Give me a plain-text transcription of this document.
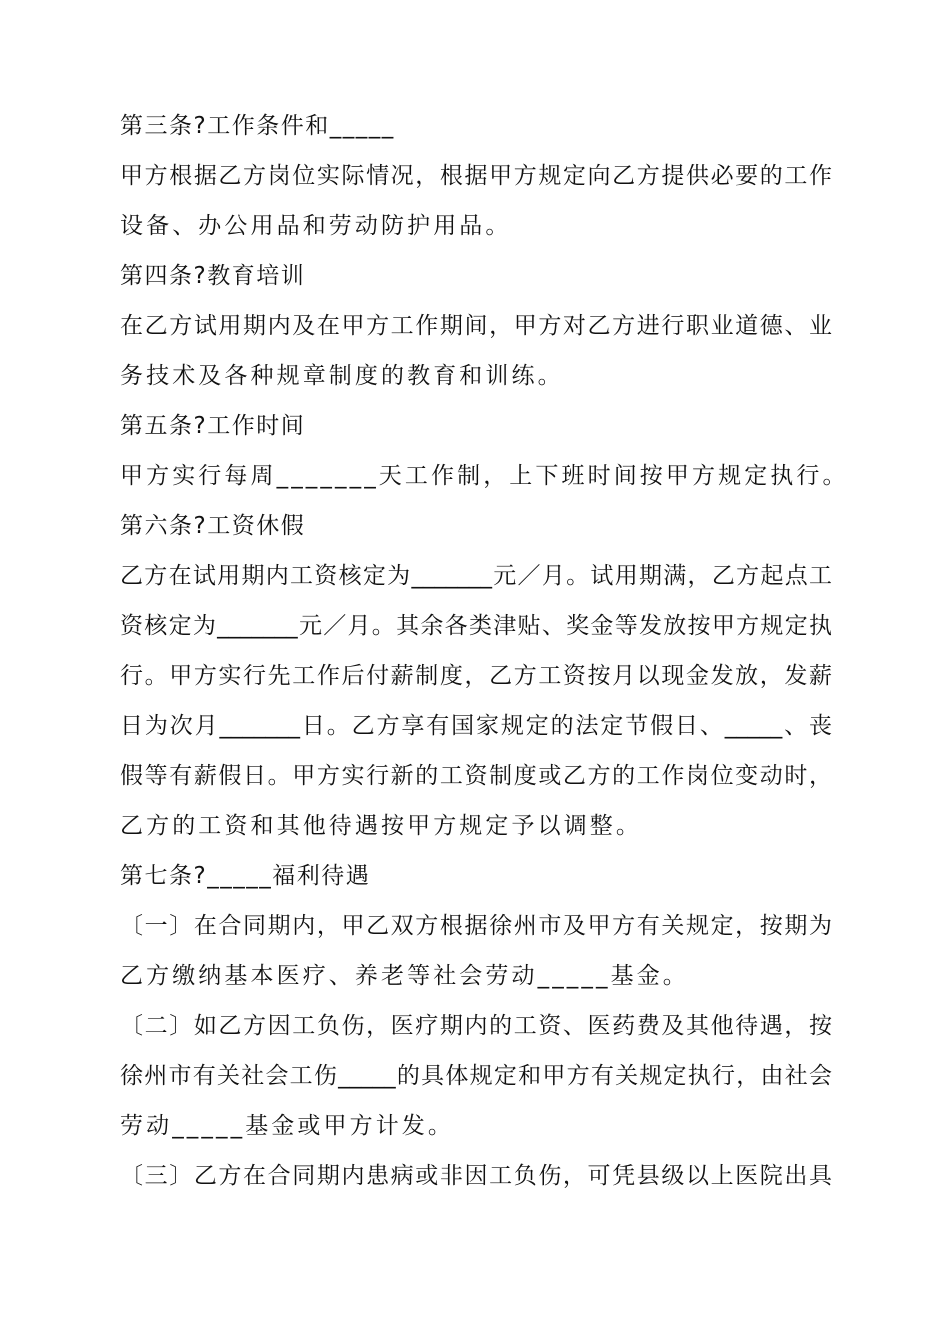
第三条?工作条件和_____
甲方根据乙方岗位实际情况，根据甲方规定向乙方提供必要的工作
设备、办公用品和劳动防护用品。
第四条?教育培训
在乙方试用期内及在甲方工作期间，甲方对乙方进行职业道德、业
务技术及各种规章制度的教育和训练。
第五条?工作时间
甲方实行每周_______天工作制，上下班时间按甲方规定执行。
第六条?工资休假
乙方在试用期内工资核定为_______元／月。试用期满，乙方起点工
资核定为_______元／月。其余各类津贴、奖金等发放按甲方规定执
行。甲方实行先工作后付薪制度，乙方工资按月以现金发放，发薪
日为次月_______日。乙方享有国家规定的法定节假日、_____、丧
假等有薪假日。甲方实行新的工资制度或乙方的工作岗位变动时，
乙方的工资和其他待遇按甲方规定予以调整。
第七条?_____福利待遇
〔一〕在合同期内，甲乙双方根据徐州市及甲方有关规定，按期为
乙方缴纳基本医疗、养老等社会劳动_____基金。
〔二〕如乙方因工负伤，医疗期内的工资、医药费及其他待遇，按
徐州市有关社会工伤_____的具体规定和甲方有关规定执行，由社会
劳动_____基金或甲方计发。
〔三〕乙方在合同期内患病或非因工负伤，可凭县级以上医院出具
